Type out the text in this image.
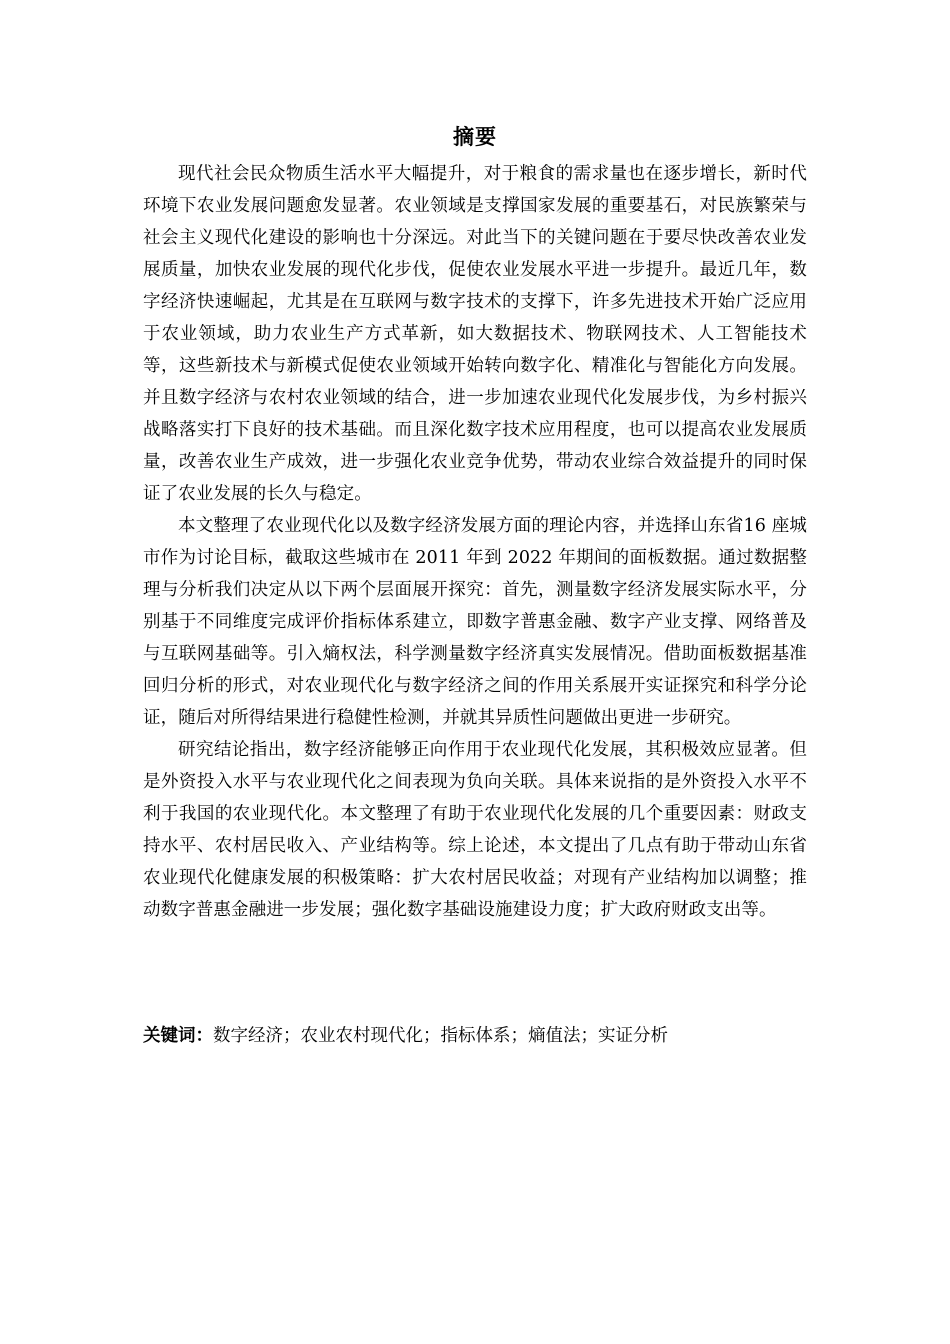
摘要

现代社会民众物质生活水平大幅提升，对于粮食的需求量也在逐步增长，新时代环境下农业发展问题愈发显著。农业领域是支撑国家发展的重要基石，对民族繁荣与社会主义现代化建设的影响也十分深远。对此当下的关键问题在于要尽快改善农业发展质量，加快农业发展的现代化步伐，促使农业发展水平进一步提升。最近几年，数字经济快速崛起，尤其是在互联网与数字技术的支撑下，许多先进技术开始广泛应用于农业领域，助力农业生产方式革新，如大数据技术、物联网技术、人工智能技术等，这些新技术与新模式促使农业领域开始转向数字化、精准化与智能化方向发展。并且数字经济与农村农业领域的结合，进一步加速农业现代化发展步伐，为乡村振兴战略落实打下良好的技术基础。而且深化数字技术应用程度，也可以提高农业发展质量，改善农业生产成效，进一步强化农业竞争优势，带动农业综合效益提升的同时保证了农业发展的长久与稳定。

本文整理了农业现代化以及数字经济发展方面的理论内容，并选择山东省16 座城市作为讨论目标，截取这些城市在 2011 年到 2022 年期间的面板数据。通过数据整理与分析我们决定从以下两个层面展开探究：首先，测量数字经济发展实际水平，分别基于不同维度完成评价指标体系建立，即数字普惠金融、数字产业支撑、网络普及与互联网基础等。引入熵权法，科学测量数字经济真实发展情况。借助面板数据基准回归分析的形式，对农业现代化与数字经济之间的作用关系展开实证探究和科学分论证，随后对所得结果进行稳健性检测，并就其异质性问题做出更进一步研究。

研究结论指出，数字经济能够正向作用于农业现代化发展，其积极效应显著。但是外资投入水平与农业现代化之间表现为负向关联。具体来说指的是外资投入水平不利于我国的农业现代化。本文整理了有助于农业现代化发展的几个重要因素：财政支持水平、农村居民收入、产业结构等。综上论述，本文提出了几点有助于带动山东省农业现代化健康发展的积极策略：扩大农村居民收益；对现有产业结构加以调整；推动数字普惠金融进一步发展；强化数字基础设施建设力度；扩大政府财政支出等。

关键词：数字经济；农业农村现代化；指标体系；熵值法；实证分析
